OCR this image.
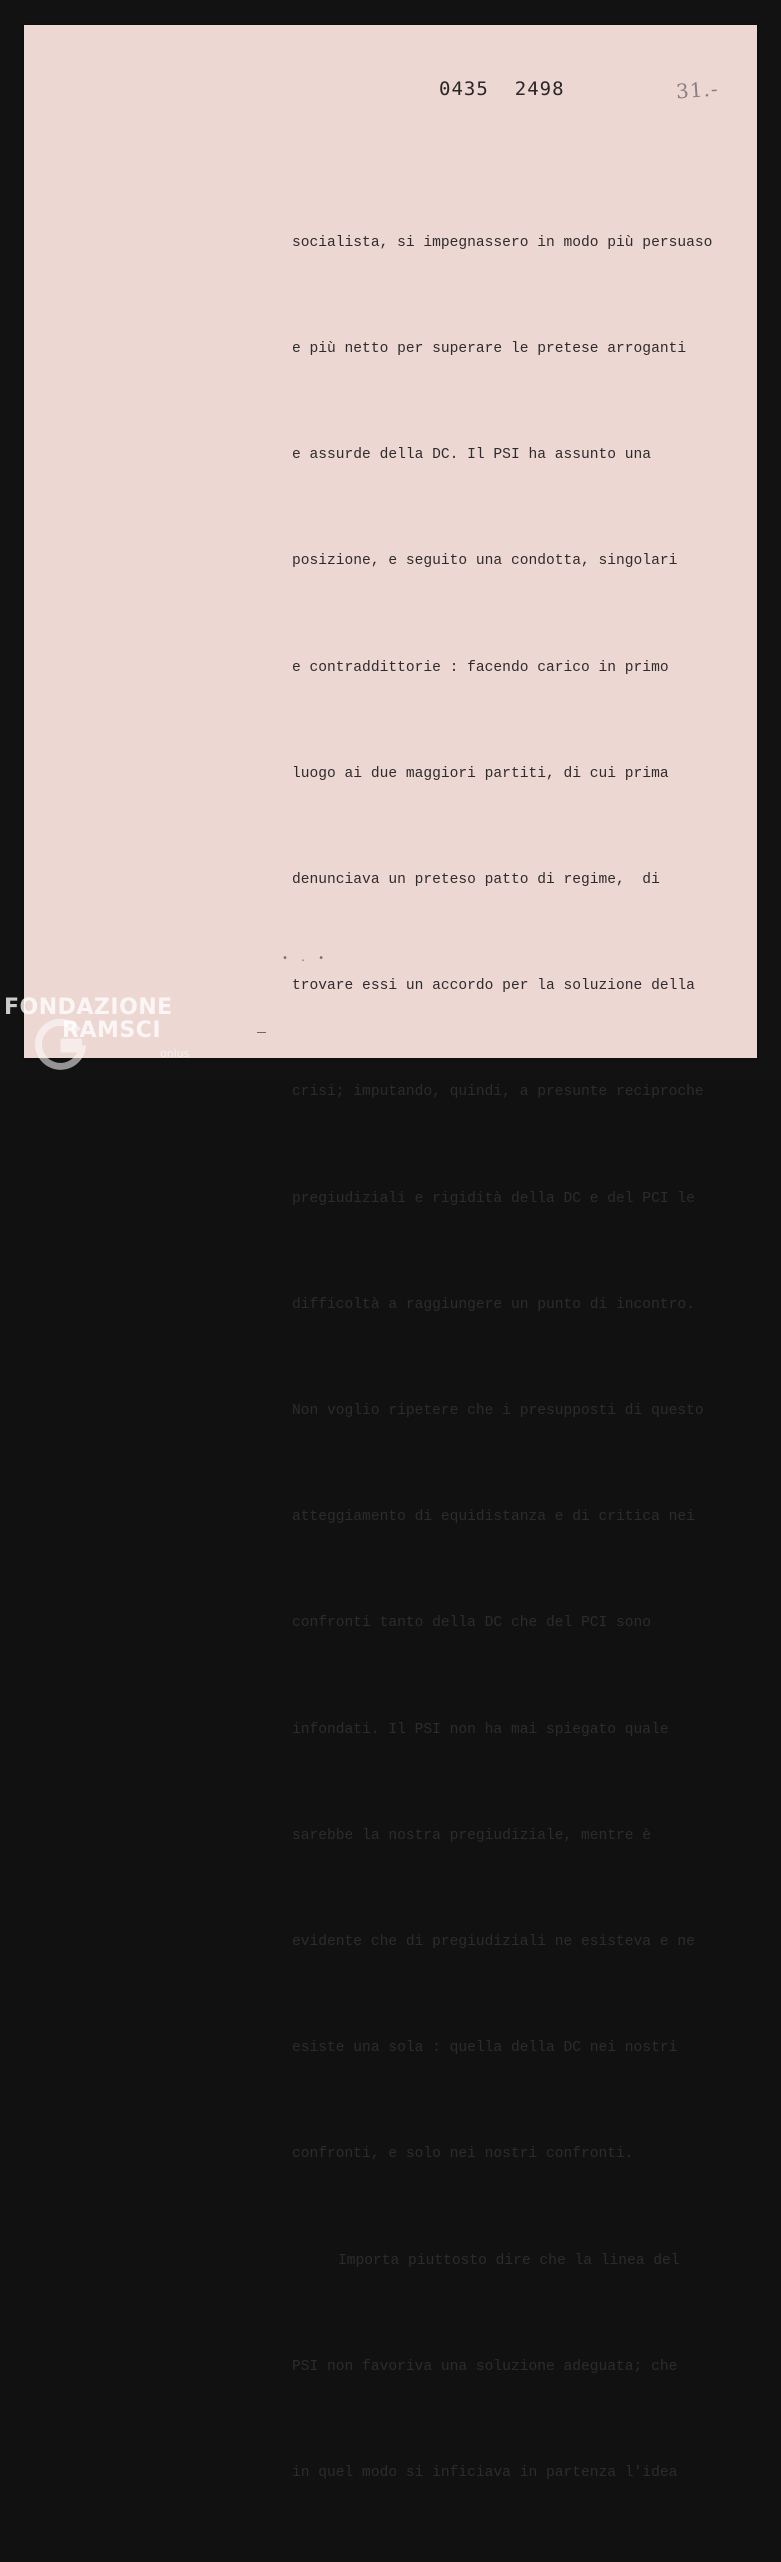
0435 2498	31.-

socialista, si impegnassero in modo più persuaso

e più netto per superare le pretese arroganti

e assurde della DC. Il PSI ha assunto una

posizione, e seguito una condotta, singolari

e contraddittorie : facendo carico in primo

luogo ai due maggiori partiti, di cui prima

denunciava un preteso patto di regime,  di

trovare essi un accordo per la soluzione della

crisi; imputando, quindi, a presunte reciproche

pregiudiziali e rigidità della DC e del PCI le

difficoltà a raggiungere un punto di incontro.

Non voglio ripetere che i presupposti di questo

atteggiamento di equidistanza e di critica nei

confronti tanto della DC che del PCI sono

infondati. Il PSI non ha mai spiegato quale

sarebbe la nostra pregiudiziale, mentre è

evidente che di pregiudiziali ne esisteva e ne

esiste una sola : quella della DC nei nostri

confronti, e solo nei nostri confronti.

Importa piuttosto dire che la linea del

PSI non favoriva una soluzione adeguata; che

in quel modo si inficiava in partenza l'idea

• . •
FONDAZIONE
RAMSCI
onlus
